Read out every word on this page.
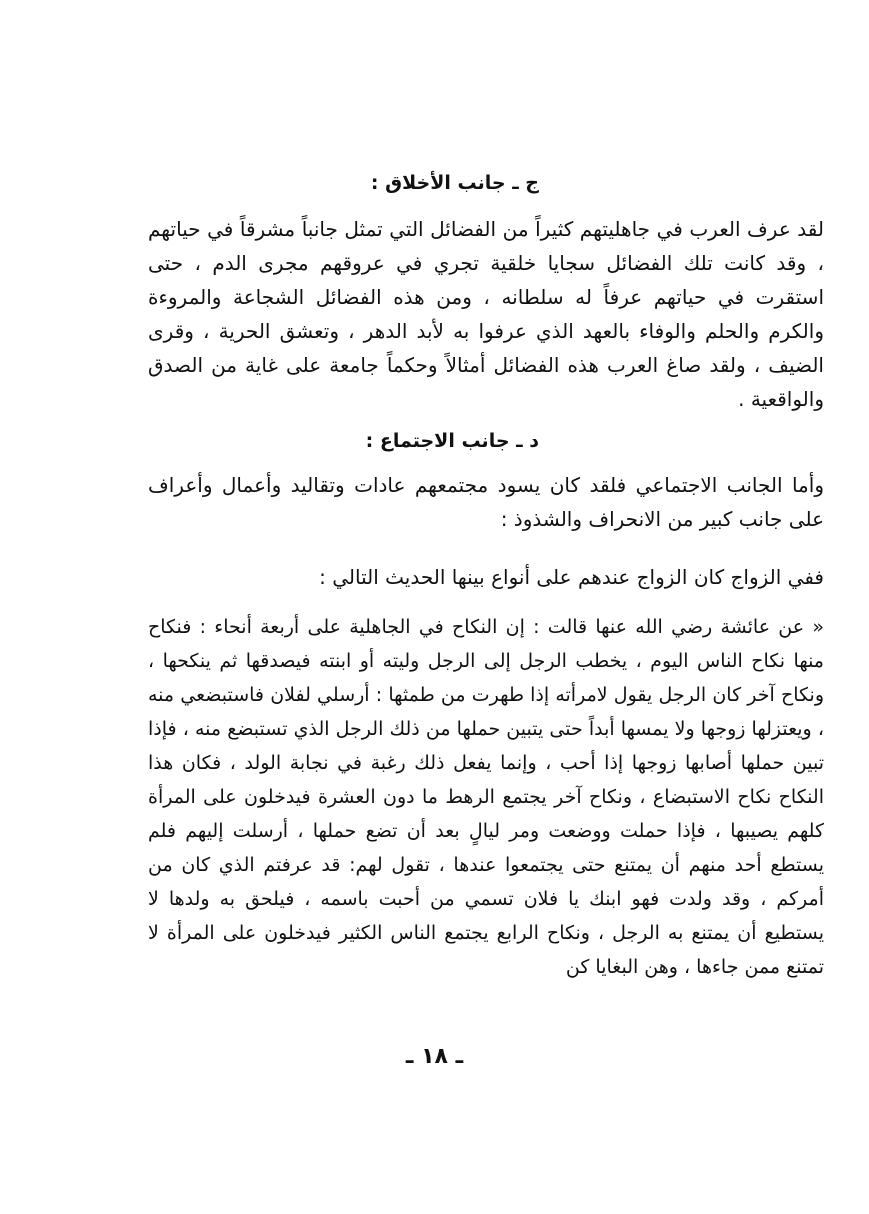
ج ـ جانب الأخلاق :

لقد عرف العرب في جاهليتهم كثيراً من الفضائل التي تمثل جانباً مشرقاً في حياتهم ، وقد كانت تلك الفضائل سجايا خلقية تجري في عروقهم مجرى الدم ، حتى استقرت في حياتهم عرفاً له سلطانه ، ومن هذه الفضائل الشجاعة والمروءة والكرم والحلم والوفاء بالعهد الذي عرفوا به لأبد الدهر ، وتعشق الحرية ، وقرى الضيف ، ولقد صاغ العرب هذه الفضائل أمثالاً وحكماً جامعة على غاية من الصدق والواقعية .

د ـ جانب الاجتماع :

وأما الجانب الاجتماعي فلقد كان يسود مجتمعهم عادات وتقاليد وأعمال وأعراف على جانب كبير من الانحراف والشذوذ :

ففي الزواج كان الزواج عندهم على أنواع بينها الحديث التالي :

« عن عائشة رضي الله عنها قالت : إن النكاح في الجاهلية على أربعة أنحاء : فنكاح منها نكاح الناس اليوم ، يخطب الرجل إلى الرجل وليته أو ابنته فيصدقها ثم ينكحها ، ونكاح آخر كان الرجل يقول لامرأته إذا طهرت من طمثها : أرسلي لفلان فاستبضعي منه ، ويعتزلها زوجها ولا يمسها أبداً حتى يتبين حملها من ذلك الرجل الذي تستبضع منه ، فإذا تبين حملها أصابها زوجها إذا أحب ، وإنما يفعل ذلك رغبة في نجابة الولد ، فكان هذا النكاح نكاح الاستبضاع ، ونكاح آخر يجتمع الرهط ما دون العشرة فيدخلون على المرأة كلهم يصيبها ، فإذا حملت ووضعت ومر ليالٍ بعد أن تضع حملها ، أرسلت إليهم فلم يستطع أحد منهم أن يمتنع حتى يجتمعوا عندها ، تقول لهم: قد عرفتم الذي كان من أمركم ، وقد ولدت فهو ابنك يا فلان تسمي من أحبت باسمه ، فيلحق به ولدها لا يستطيع أن يمتنع به الرجل ، ونكاح الرابع يجتمع الناس الكثير فيدخلون على المرأة لا تمتنع ممن جاءها ، وهن البغايا كن

ـ ١٨ ـ
